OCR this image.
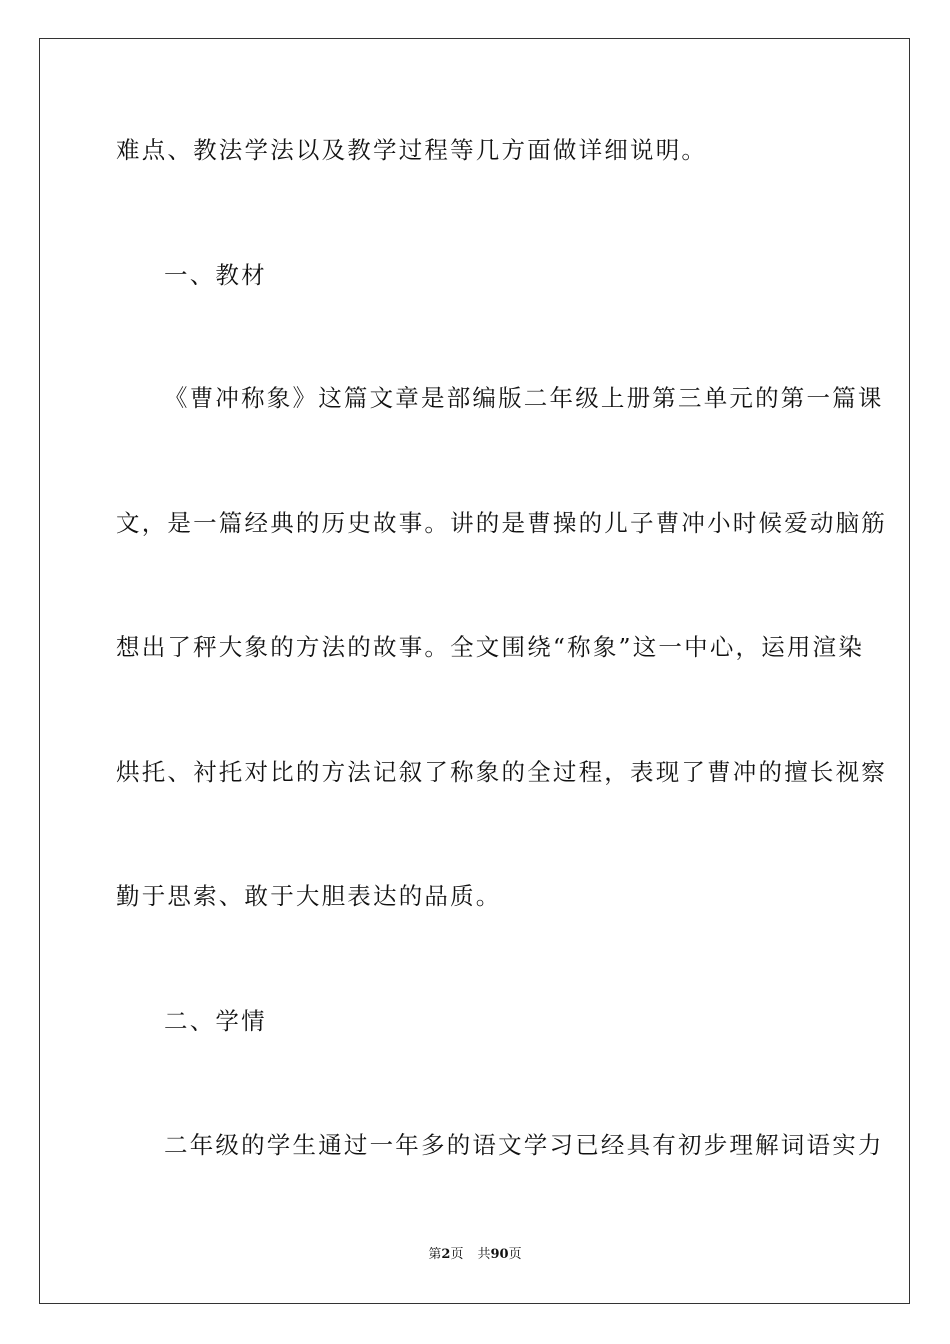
难点、教法学法以及教学过程等几方面做详细说明。
一、教材
《曹冲称象》这篇文章是部编版二年级上册第三单元的第一篇课
文，是一篇经典的历史故事。讲的是曹操的儿子曹冲小时候爱动脑筋
想出了秤大象的方法的故事。全文围绕“称象”这一中心，运用渲染
烘托、衬托对比的方法记叙了称象的全过程，表现了曹冲的擅长视察
勤于思索、敢于大胆表达的品质。
二、学情
二年级的学生通过一年多的语文学习已经具有初步理解词语实力
第2页 共90页
